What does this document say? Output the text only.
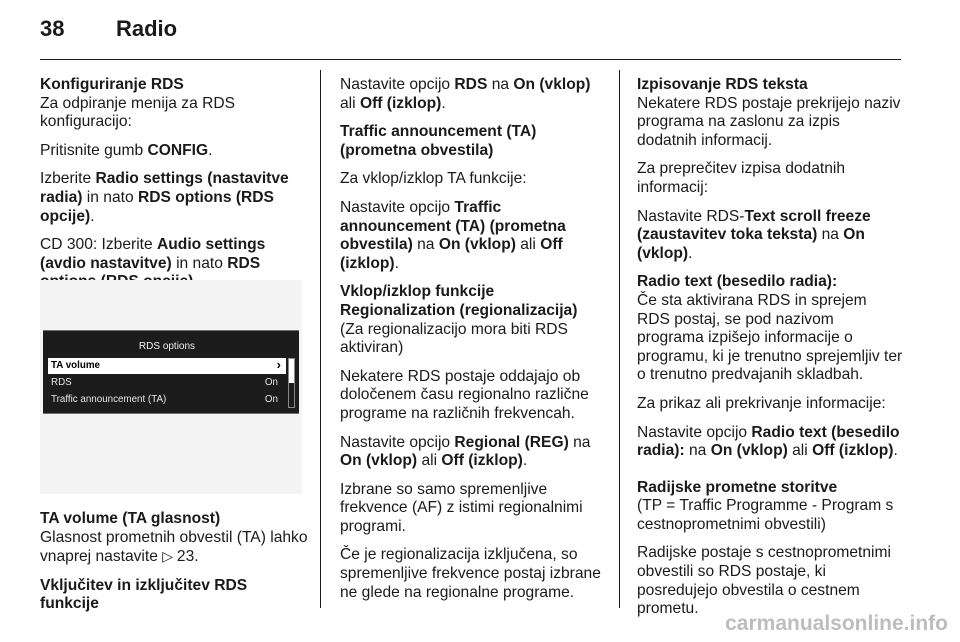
38 Radio

Konfiguriranje RDS

Za odpiranje menija za RDS konfiguracijo:

Pritisnite gumb CONFIG.

Izberite Radio settings (nastavitve radia) in nato RDS options (RDS opcije).

CD 300: Izberite Audio settings (avdio nastavitve) in nato RDS

RDS options
TA volume	›
RDS	On
Traffic announcement (TA)	On

TA volume (TA glasnost)

Glasnost prometnih obvestil (TA) lahko vnaprej nastavite ▷ 23.

Vključitev in izključitev RDS funkcije

Nastavite opcijo RDS na On (vklop) ali Off (izklop).

Traffic announcement (TA) (prometna obvestila)

Za vklop/izklop TA funkcije:

Nastavite opcijo Traffic announcement (TA) (prometna obvestila) na On (vklop) ali Off (izklop).

Vklop/izklop funkcije Regionalization (regionalizacija)

(Za regionalizacijo mora biti RDS aktiviran)

Nekatere RDS postaje oddajajo ob določenem času regionalno različne programe na različnih frekvencah.

Nastavite opcijo Regional (REG) na On (vklop) ali Off (izklop).

Izbrane so samo spremenljive frekvence (AF) z istimi regionalnimi programi.

Če je regionalizacija izključena, so spremenljive frekvence postaj izbrane ne glede na regionalne programe.

Izpisovanje RDS teksta

Nekatere RDS postaje prekrijejo naziv programa na zaslonu za izpis dodatnih informacij.

Za preprečitev izpisa dodatnih informacij:

Nastavite RDS-Text scroll freeze (zaustavitev toka teksta) na On (vklop).

Radio text (besedilo radia):

Če sta aktivirana RDS in sprejem RDS postaj, se pod nazivom programa izpišejo informacije o programu, ki je trenutno sprejemljiv ter o trenutno predvajanih skladbah.

Za prikaz ali prekrivanje informacije:

Nastavite opcijo Radio text (besedilo radia): na On (vklop) ali Off (izklop).

Radijske prometne storitve

(TP = Traffic Programme - Program s cestnoprometnimi obvestili)

Radijske postaje s cestnoprometnimi obvestili so RDS postaje, ki posredujejo obvestila o cestnem prometu.

carmanualsonline.info
